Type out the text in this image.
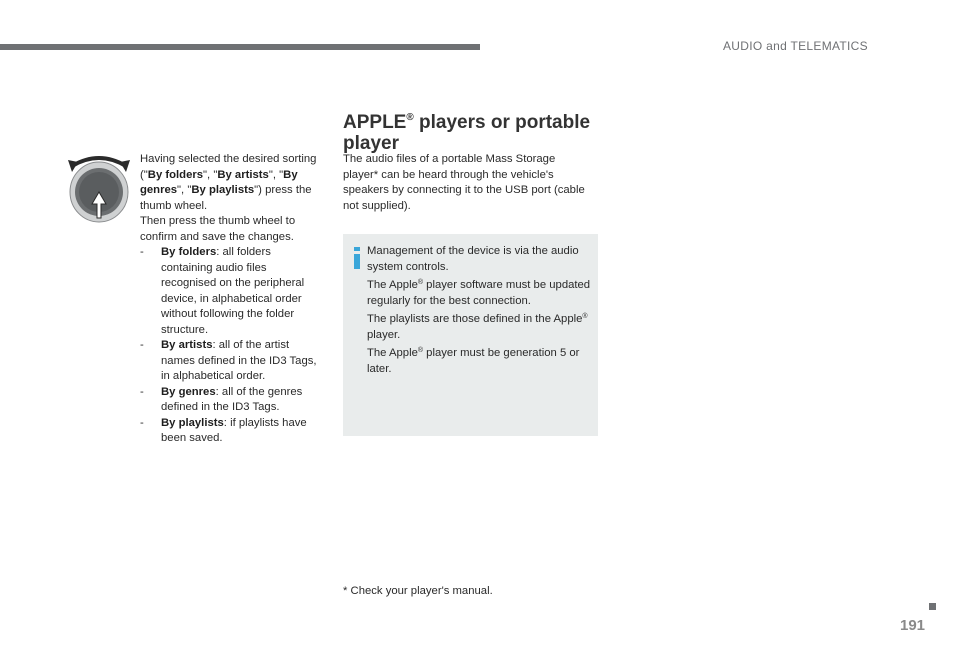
AUDIO and TELEMATICS

Having selected the desired sorting ("By folders", "By artists", "By genres", "By playlists") press the thumb wheel.

Then press the thumb wheel to confirm and save the changes.

- By folders: all folders containing audio files recognised on the peripheral device, in alphabetical order without following the folder structure.
- By artists: all of the artist names defined in the ID3 Tags, in alphabetical order.
- By genres: all of the genres defined in the ID3 Tags.
- By playlists: if playlists have been saved.
APPLE® players or portable player

The audio files of a portable Mass Storage player* can be heard through the vehicle's speakers by connecting it to the USB port (cable not supplied).

Management of the device is via the audio system controls.
The Apple® player software must be updated regularly for the best connection.
The playlists are those defined in the Apple® player.
The Apple® player must be generation 5 or later.

* Check your player's manual.

191
